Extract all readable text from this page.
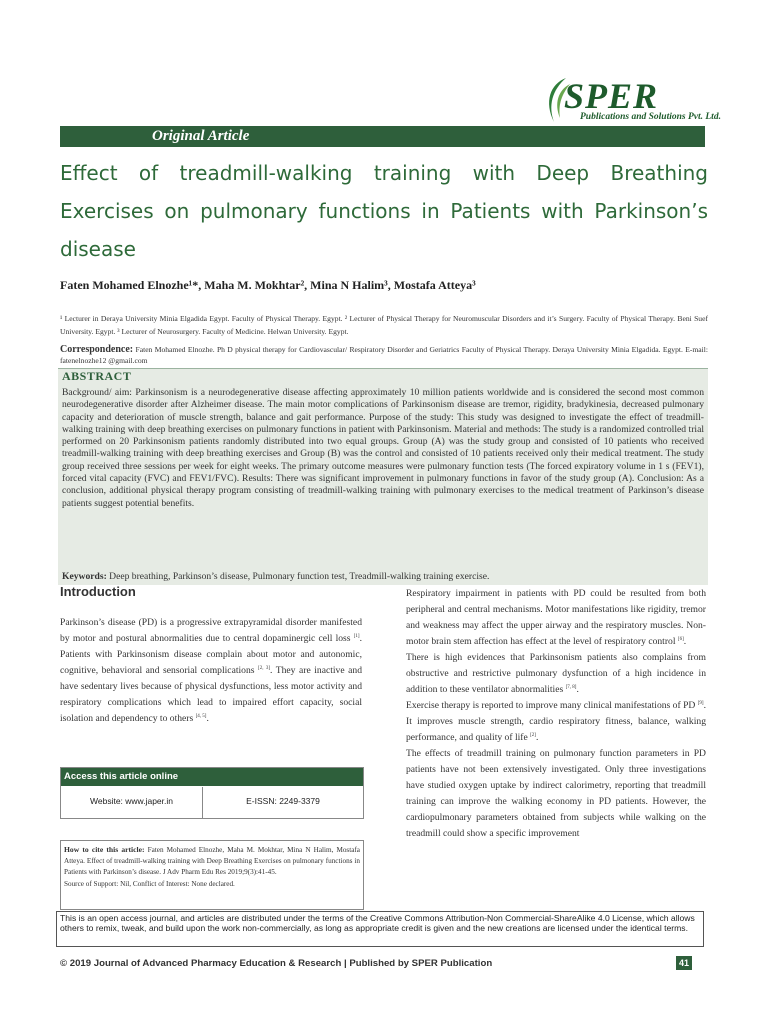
SPER
Publications and Solutions Pvt. Ltd.
Original Article
Effect of treadmill-walking training with Deep Breathing Exercises on pulmonary functions in Patients with Parkinson’s disease
Faten Mohamed Elnozhe¹*, Maha M. Mokhtar², Mina N Halim³, Mostafa Atteya³
¹ Lecturer in Deraya University Minia Elgadida Egypt. Faculty of Physical Therapy. Egypt. ² Lecturer of Physical Therapy for Neuromuscular Disorders and it’s Surgery. Faculty of Physical Therapy. Beni Suef University. Egypt. ³ Lecturer of Neurosurgery. Faculty of Medicine. Helwan University. Egypt.
Correspondence: Faten Mohamed Elnozhe. Ph D physical therapy for Cardiovascular/ Respiratory Disorder and Geriatrics Faculty of Physical Therapy. Deraya University Minia Elgadida. Egypt. E-mail: fatenelnozhe12 @gmail.com
ABSTRACT
Background/ aim: Parkinsonism is a neurodegenerative disease affecting approximately 10 million patients worldwide and is considered the second most common neurodegenerative disorder after Alzheimer disease. The main motor complications of Parkinsonism disease are tremor, rigidity, bradykinesia, decreased pulmonary capacity and deterioration of muscle strength, balance and gait performance. Purpose of the study: This study was designed to investigate the effect of treadmill-walking training with deep breathing exercises on pulmonary functions in patient with Parkinsonism. Material and methods: The study is a randomized controlled trial performed on 20 Parkinsonism patients randomly distributed into two equal groups. Group (A) was the study group and consisted of 10 patients who received treadmill-walking training with deep breathing exercises and Group (B) was the control and consisted of 10 patients received only their medical treatment. The study group received three sessions per week for eight weeks. The primary outcome measures were pulmonary function tests (The forced expiratory volume in 1 s (FEV1), forced vital capacity (FVC) and FEV1/FVC). Results: There was significant improvement in pulmonary functions in favor of the study group (A). Conclusion: As a conclusion, additional physical therapy program consisting of treadmill-walking training with pulmonary exercises to the medical treatment of Parkinson’s disease patients suggest potential benefits.
Keywords: Deep breathing, Parkinson’s disease, Pulmonary function test, Treadmill-walking training exercise.
Introduction
Parkinson’s disease (PD) is a progressive extrapyramidal disorder manifested by motor and postural abnormalities due to central dopaminergic cell loss [1]. Patients with Parkinsonism disease complain about motor and autonomic, cognitive, behavioral and sensorial complications [2, 3]. They are inactive and have sedentary lives because of physical dysfunctions, less motor activity and respiratory complications which lead to impaired effort capacity, social isolation and dependency to others [4, 5].
Access this article online
Website: www.japer.in	E-ISSN: 2249-3379
How to cite this article: Faten Mohamed Elnozhe, Maha M. Mokhtar, Mina N Halim, Mostafa Atteya. Effect of treadmill-walking training with Deep Breathing Exercises on pulmonary functions in Patients with Parkinson’s disease. J Adv Pharm Edu Res 2019;9(3):41-45.
Source of Support: Nil, Conflict of Interest: None declared.

Respiratory impairment in patients with PD could be resulted from both peripheral and central mechanisms. Motor manifestations like rigidity, tremor and weakness may affect the upper airway and the respiratory muscles. Non-motor brain stem affection has effect at the level of respiratory control [6].

There is high evidences that Parkinsonism patients also complains from obstructive and restrictive pulmonary dysfunction of a high incidence in addition to these ventilator abnormalities [7, 8].

Exercise therapy is reported to improve many clinical manifestations of PD [9]. It improves muscle strength, cardio respiratory fitness, balance, walking performance, and quality of life [2].

The effects of treadmill training on pulmonary function parameters in PD patients have not been extensively investigated. Only three investigations have studied oxygen uptake by indirect calorimetry, reporting that treadmill training can improve the walking economy in PD patients. However, the cardiopulmonary parameters obtained from subjects while walking on the treadmill could show a specific improvement

This is an open access journal, and articles are distributed under the terms of the Creative Commons Attribution-Non Commercial-ShareAlike 4.0 License, which allows others to remix, tweak, and build upon the work non-commercially, as long as appropriate credit is given and the new creations are licensed under the identical terms.
© 2019 Journal of Advanced Pharmacy Education & Research | Published by SPER Publication	41
